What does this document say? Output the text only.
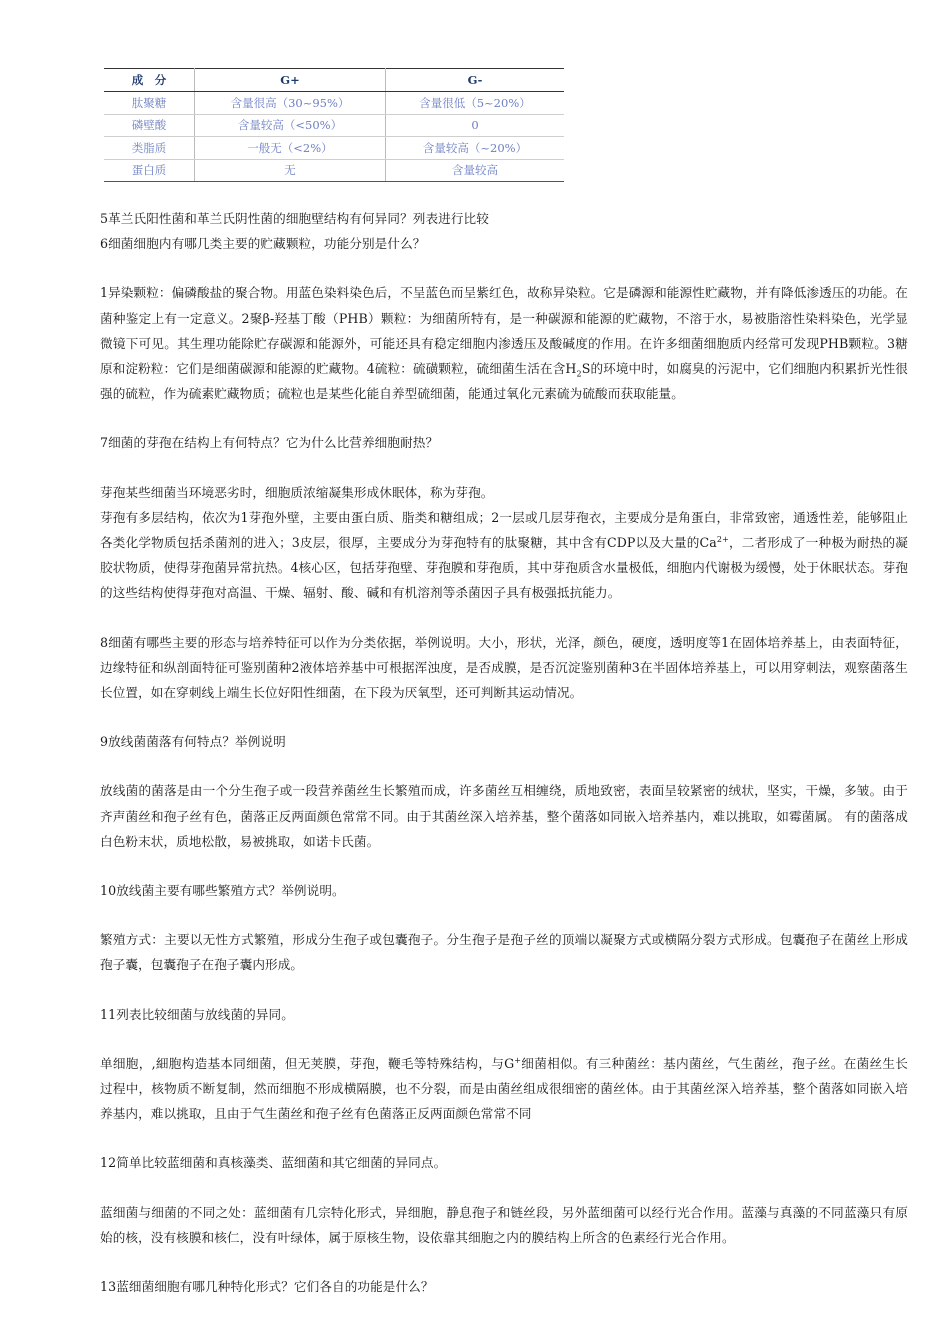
成　分	G+	G-
肽聚糖	含量很高（30~95%）	含量很低（5~20%）
磷壁酸	含量较高（<50%）	0
类脂质	一般无（<2%）	含量较高（~20%）
蛋白质	无	含量较高

5革兰氏阳性菌和革兰氏阴性菌的细胞壁结构有何异同？列表进行比较

6细菌细胞内有哪几类主要的贮藏颗粒，功能分别是什么？

1异染颗粒：偏磷酸盐的聚合物。用蓝色染料染色后，不呈蓝色而呈紫红色，故称异染粒。它是磷源和能源性贮藏物，并有降低渗透压的功能。在菌种鉴定上有一定意义。2聚β-羟基丁酸（PHB）颗粒：为细菌所特有，是一种碳源和能源的贮藏物，不溶于水，易被脂溶性染料染色，光学显微镜下可见。其生理功能除贮存碳源和能源外，可能还具有稳定细胞内渗透压及酸碱度的作用。在许多细菌细胞质内经常可发现PHB颗粒。3糖原和淀粉粒：它们是细菌碳源和能源的贮藏物。4硫粒：硫磺颗粒，硫细菌生活在含$H_2S$的环境中时，如腐臭的污泥中，它们细胞内积累折光性很强的硫粒，作为硫素贮藏物质；硫粒也是某些化能自养型硫细菌，能通过氧化元素硫为硫酸而获取能量。

7细菌的芽孢在结构上有何特点？它为什么比营养细胞耐热？

芽孢某些细菌当环境恶劣时，细胞质浓缩凝集形成休眠体，称为芽孢。

芽孢有多层结构，依次为1芽孢外壁，主要由蛋白质、脂类和糖组成；2一层或几层芽孢衣，主要成分是角蛋白，非常致密，通透性差，能够阻止各类化学物质包括杀菌剂的进入；3皮层，很厚，主要成分为芽孢特有的肽聚糖，其中含有CDP以及大量的$Ca^{2+}$，二者形成了一种极为耐热的凝胶状物质，使得芽孢菌异常抗热。4核心区，包括芽孢壁、芽孢膜和芽孢质，其中芽孢质含水量极低，细胞内代谢极为缓慢，处于休眠状态。芽孢的这些结构使得芽孢对高温、干燥、辐射、酸、碱和有机溶剂等杀菌因子具有极强抵抗能力。

8细菌有哪些主要的形态与培养特征可以作为分类依据，举例说明。大小，形状，光泽，颜色，硬度，透明度等1在固体培养基上，由表面特征，边缘特征和纵剖面特征可鉴别菌种2液体培养基中可根据浑浊度，是否成膜，是否沉淀鉴别菌种3在半固体培养基上，可以用穿刺法，观察菌落生长位置，如在穿刺线上端生长位好阳性细菌，在下段为厌氧型，还可判断其运动情况。

9放线菌菌落有何特点？举例说明

放线菌的菌落是由一个分生孢子或一段营养菌丝生长繁殖而成，许多菌丝互相缠绕，质地致密，表面呈较紧密的绒状，坚实，干燥，多皱。由于齐声菌丝和孢子丝有色，菌落正反两面颜色常常不同。由于其菌丝深入培养基，整个菌落如同嵌入培养基内，难以挑取，如霉菌属。 有的菌落成白色粉末状，质地松散，易被挑取，如诺卡氏菌。

10放线菌主要有哪些繁殖方式？举例说明。

繁殖方式：主要以无性方式繁殖，形成分生孢子或包囊孢子。分生孢子是孢子丝的顶端以凝聚方式或横隔分裂方式形成。包囊孢子在菌丝上形成孢子囊，包囊孢子在孢子囊内形成。

11列表比较细菌与放线菌的异同。

单细胞，,細胞构造基本同细菌，但无荚膜，芽孢，鞭毛等特殊结构，与G+细菌相似。有三种菌丝：基内菌丝，气生菌丝，孢子丝。在菌丝生长过程中，核物质不断复制，然而细胞不形成横隔膜，也不分裂，而是由菌丝组成很细密的菌丝体。由于其菌丝深入培养基，整个菌落如同嵌入培养基内，难以挑取，且由于气生菌丝和孢子丝有色菌落正反两面颜色常常不同

12简单比较蓝细菌和真核藻类、蓝细菌和其它细菌的异同点。

蓝细菌与细菌的不同之处：蓝细菌有几宗特化形式，异细胞，静息孢子和链丝段，另外蓝细菌可以经行光合作用。蓝藻与真藻的不同蓝藻只有原始的核，没有核膜和核仁，没有叶绿体，属于原核生物，设依靠其细胞之内的膜结构上所含的色素经行光合作用。

13蓝细菌细胞有哪几种特化形式？它们各自的功能是什么？
